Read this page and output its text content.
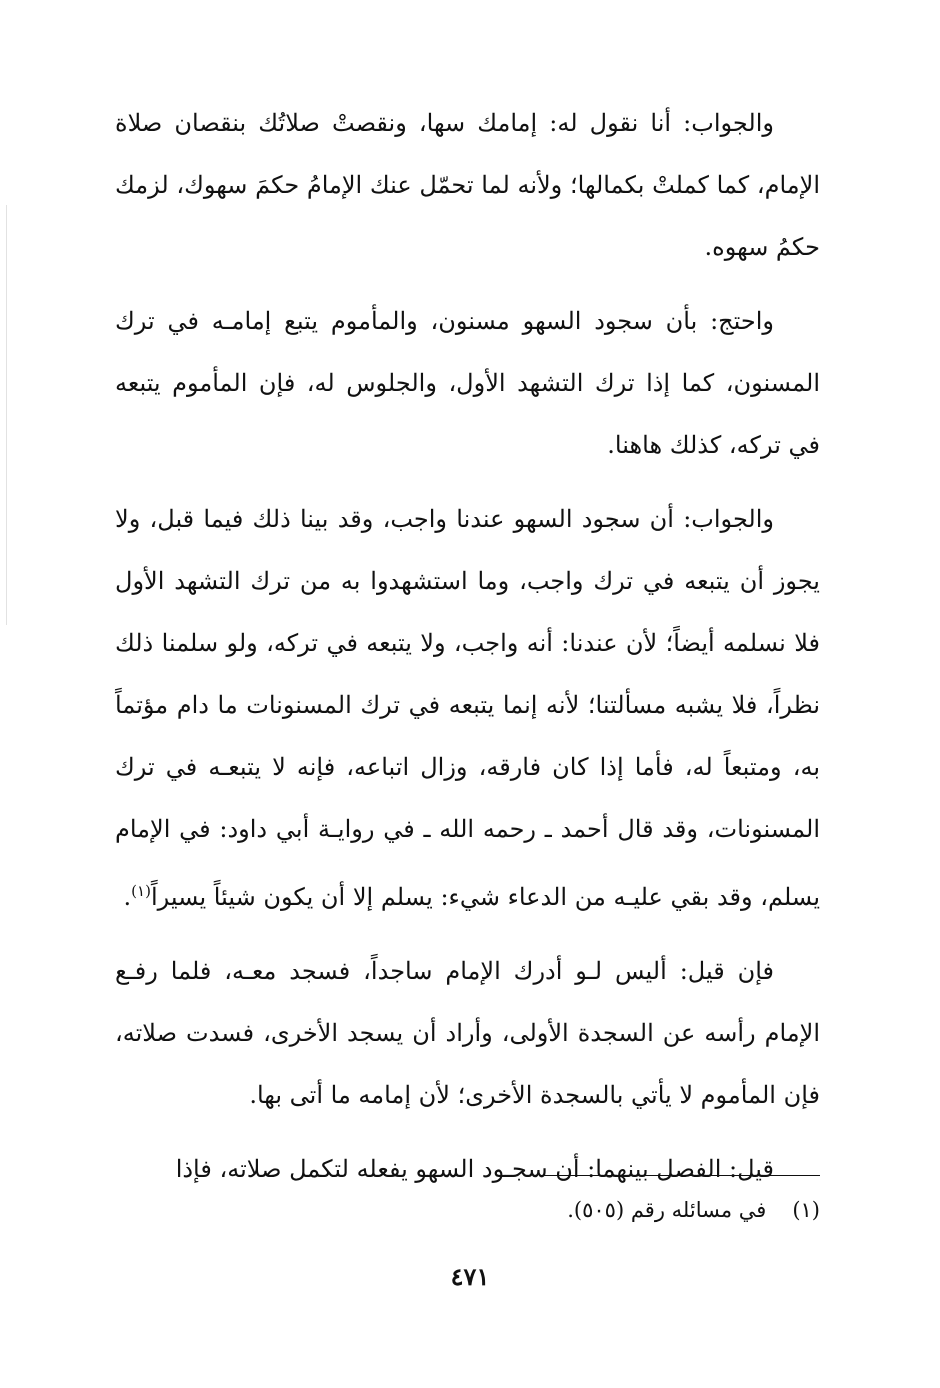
والجواب: أنا نقول له: إمامك سها، ونقصتْ صلاتُك بنقصان صلاة الإمام، كما كملتْ بكمالها؛ ولأنه لما تحمّل عنك الإمامُ حكمَ سهوك، لزمك حكمُ سهوه.

واحتج: بأن سجود السهو مسنون، والمأموم يتبع إمامـه في ترك المسنون، كما إذا ترك التشهد الأول، والجلوس له، فإن المأموم يتبعه في تركه، كذلك هاهنا.

والجواب: أن سجود السهو عندنا واجب، وقد بينا ذلك فيما قبل، ولا يجوز أن يتبعه في ترك واجب، وما استشهدوا به من ترك التشهد الأول فلا نسلمه أيضاً؛ لأن عندنا: أنه واجب، ولا يتبعه في تركه، ولو سلمنا ذلك نظراً، فلا يشبه مسألتنا؛ لأنه إنما يتبعه في ترك المسنونات ما دام مؤتماً به، ومتبعاً له، فأما إذا كان فارقه، وزال اتباعه، فإنه لا يتبعـه في ترك المسنونات، وقد قال أحمد ـ رحمه الله ـ في روايـة أبي داود: في الإمام يسلم، وقد بقي عليـه من الدعاء شيء: يسلم إلا أن يكون شيئاً يسيراً$^{(١)}$.

فإن قيل: أليس لـو أدرك الإمام ساجداً، فسجد معـه، فلما رفـع الإمام رأسه عن السجدة الأولى، وأراد أن يسجد الأخرى، فسدت صلاته، فإن المأموم لا يأتي بالسجدة الأخرى؛ لأن إمامه ما أتى بها.

قيل: الفصل بينهما: أن سجـود السهو يفعله لتكمل صلاته، فإذا

(١)في مسائله رقم (٥٠٥).
٤٧١
